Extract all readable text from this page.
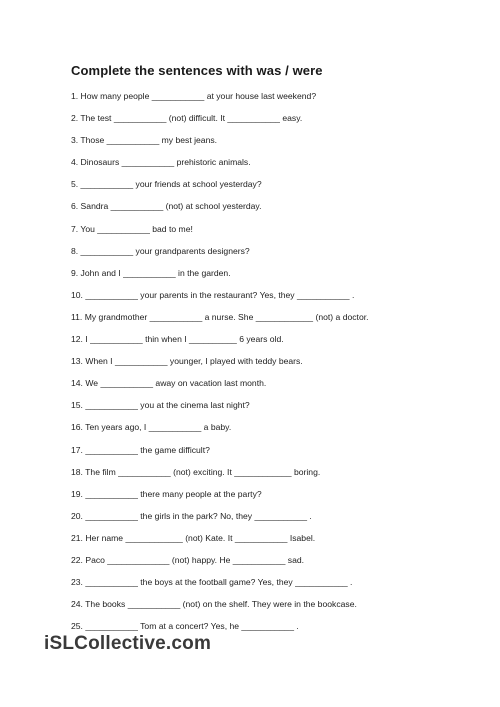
Complete the sentences with was / were
1. How many people ___________ at your house last weekend?
2. The test ___________ (not) difficult. It ___________ easy.
3. Those ___________ my best jeans.
4. Dinosaurs ___________ prehistoric animals.
5. ___________ your friends at school yesterday?
6. Sandra ___________ (not) at school yesterday.
7. You ___________ bad to me!
8. ___________ your grandparents designers?
9. John and I ___________ in the garden.
10. ___________ your parents in the restaurant? Yes, they ___________ .
11. My grandmother ___________ a nurse. She ____________ (not) a doctor.
12. I ___________ thin when I __________ 6 years old.
13. When I ___________ younger, I played with teddy bears.
14. We ___________ away on vacation last month.
15. ___________ you at the cinema last night?
16. Ten years ago, I ___________ a baby.
17. ___________ the game difficult?
18. The film ___________ (not) exciting. It ____________ boring.
19. ___________ there many people at the party?
20. ___________ the girls in the park? No, they ___________ .
21. Her name ____________ (not) Kate. It ___________ Isabel.
22. Paco _____________ (not) happy. He ___________ sad.
23. ___________ the boys at the football game? Yes, they ___________ .
24. The books ___________ (not) on the shelf. They were in the bookcase.
25. ___________ Tom at a concert? Yes, he ___________ .
iSLCollective.com
